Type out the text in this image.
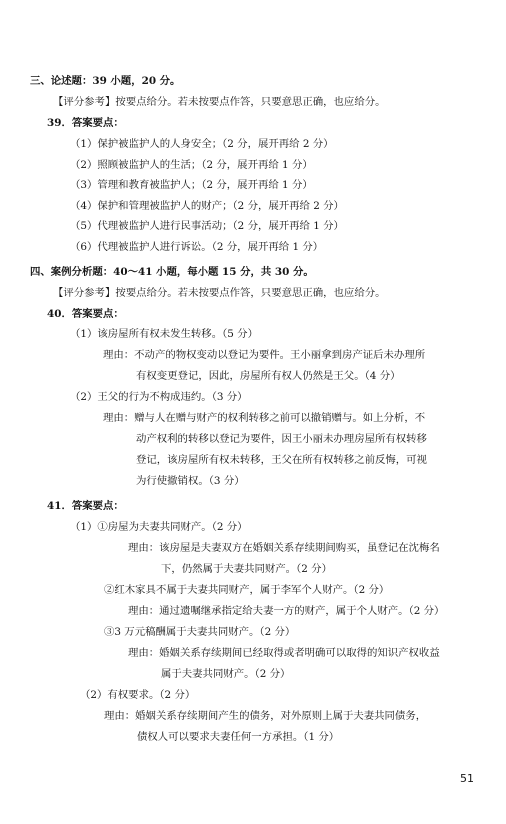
三、论述题：39 小题，20 分。
【评分参考】按要点给分。若未按要点作答，只要意思正确，也应给分。
39．答案要点：
（1）保护被监护人的人身安全；（2 分，展开再给 2 分）
（2）照顾被监护人的生活；（2 分，展开再给 1 分）
（3）管理和教育被监护人；（2 分，展开再给 1 分）
（4）保护和管理被监护人的财产；（2 分，展开再给 2 分）
（5）代理被监护人进行民事活动；（2 分，展开再给 1 分）
（6）代理被监护人进行诉讼。（2 分，展开再给 1 分）
四、案例分析题：40～41 小题，每小题 15 分，共 30 分。
【评分参考】按要点给分。若未按要点作答，只要意思正确，也应给分。
40．答案要点：
（1）该房屋所有权未发生转移。（5 分）
理由：不动产的物权变动以登记为要件。王小丽拿到房产证后未办理所
有权变更登记，因此，房屋所有权人仍然是王父。（4 分）
（2）王父的行为不构成违约。（3 分）
理由：赠与人在赠与财产的权利转移之前可以撤销赠与。如上分析，不
动产权利的转移以登记为要件，因王小丽未办理房屋所有权转移
登记，该房屋所有权未转移，王父在所有权转移之前反悔，可视
为行使撤销权。（3 分）
41．答案要点：
（1）①房屋为夫妻共同财产。（2 分）
理由：该房屋是夫妻双方在婚姻关系存续期间购买，虽登记在沈梅名
下，仍然属于夫妻共同财产。（2 分）
②红木家具不属于夫妻共同财产，属于李军个人财产。（2 分）
理由：通过遗嘱继承指定给夫妻一方的财产，属于个人财产。（2 分）
③3 万元稿酬属于夫妻共同财产。（2 分）
理由：婚姻关系存续期间已经取得或者明确可以取得的知识产权收益
属于夫妻共同财产。（2 分）
（2）有权要求。（2 分）
理由：婚姻关系存续期间产生的债务，对外原则上属于夫妻共同债务，
债权人可以要求夫妻任何一方承担。（1 分）
51
